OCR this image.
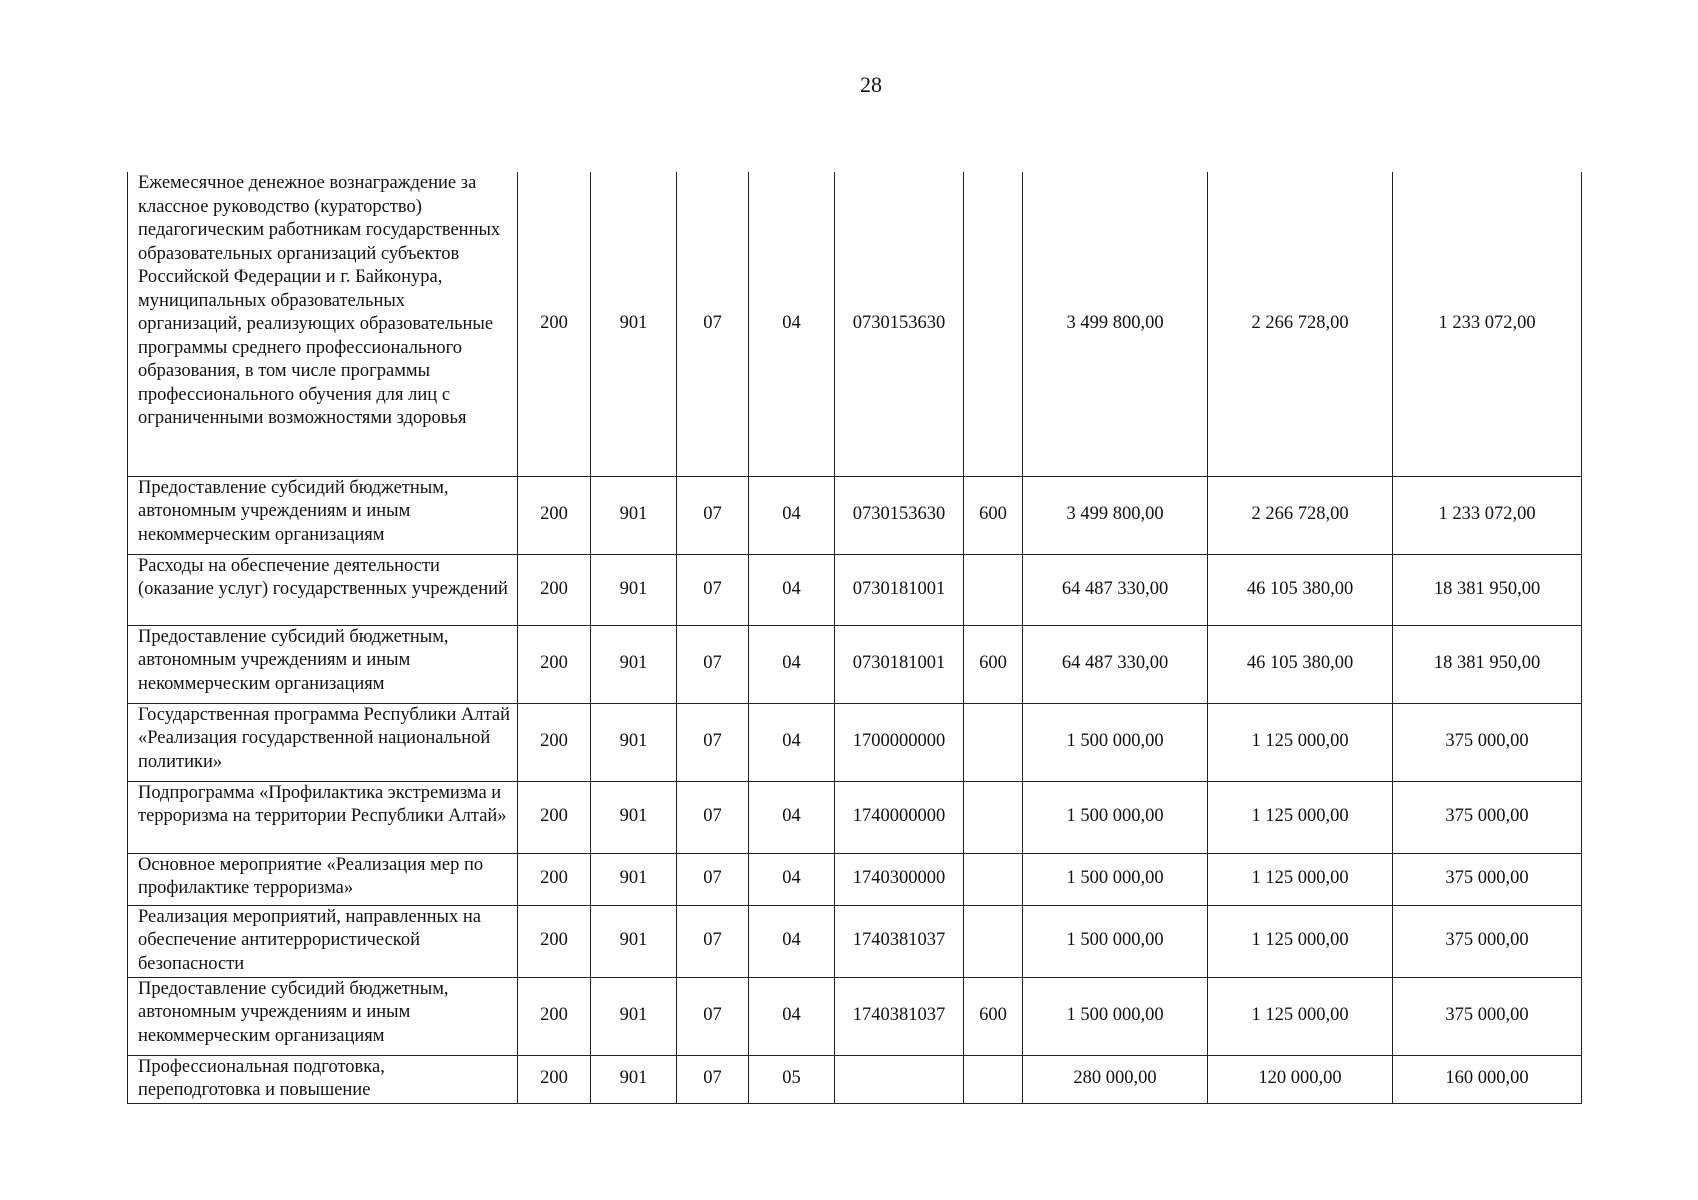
28
Ежемесячное денежное вознаграждение за классное руководство (кураторство) педагогическим работникам государственных образовательных организаций субъектов Российской Федерации и г. Байконура, муниципальных образовательных организаций, реализующих образовательные программы среднего профессионального образования, в том числе программы профессионального обучения для лиц с ограниченными возможностями здоровья	200	901	07	04	0730153630		3 499 800,00	2 266 728,00	1 233 072,00

Предоставление субсидий бюджетным, автономным учреждениям и иным некоммерческим организациям	200	901	07	04	0730153630	600	3 499 800,00	2 266 728,00	1 233 072,00

Расходы на обеспечение деятельности (оказание услуг) государственных учреждений	200	901	07	04	0730181001		64 487 330,00	46 105 380,00	18 381 950,00

Предоставление субсидий бюджетным, автономным учреждениям и иным некоммерческим организациям	200	901	07	04	0730181001	600	64 487 330,00	46 105 380,00	18 381 950,00

Государственная программа Республики Алтай «Реализация государственной национальной политики»	200	901	07	04	1700000000		1 500 000,00	1 125 000,00	375 000,00

Подпрограмма «Профилактика экстремизма и терроризма на территории Республики Алтай»	200	901	07	04	1740000000		1 500 000,00	1 125 000,00	375 000,00

Основное мероприятие «Реализация мер по профилактике терроризма»	200	901	07	04	1740300000		1 500 000,00	1 125 000,00	375 000,00

Реализация мероприятий, направленных на обеспечение антитеррористической безопасности	200	901	07	04	1740381037		1 500 000,00	1 125 000,00	375 000,00

Предоставление субсидий бюджетным, автономным учреждениям и иным некоммерческим организациям	200	901	07	04	1740381037	600	1 500 000,00	1 125 000,00	375 000,00

Профессиональная подготовка, переподготовка и повышение	200	901	07	05			280 000,00	120 000,00	160 000,00
